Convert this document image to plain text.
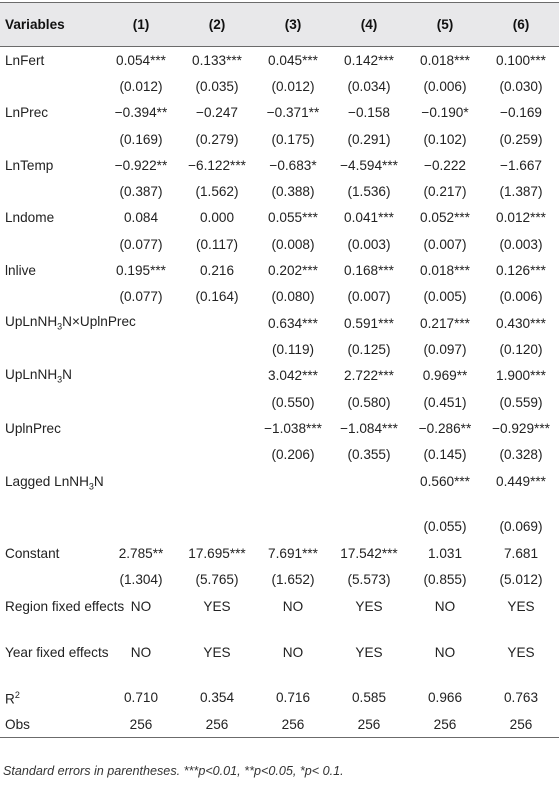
Variables	(1)	(2)	(3)	(4)	(5)	(6)
LnFert	0.054***	0.133***	0.045***	0.142***	0.018***	0.100***
	(0.012)	(0.035)	(0.012)	(0.034)	(0.006)	(0.030)
LnPrec	−0.394**	−0.247	−0.371**	−0.158	−0.190*	−0.169
	(0.169)	(0.279)	(0.175)	(0.291)	(0.102)	(0.259)
LnTemp	−0.922**	−6.122***	−0.683*	−4.594***	−0.222	−1.667
	(0.387)	(1.562)	(0.388)	(1.536)	(0.217)	(1.387)
Lndome	0.084	0.000	0.055***	0.041***	0.052***	0.012***
	(0.077)	(0.117)	(0.008)	(0.003)	(0.007)	(0.003)
lnlive	0.195***	0.216	0.202***	0.168***	0.018***	0.126***
	(0.077)	(0.164)	(0.080)	(0.007)	(0.005)	(0.006)
UpLnNH$_3$N×UplnPrec			0.634***	0.591***	0.217***	0.430***
			(0.119)	(0.125)	(0.097)	(0.120)
UpLnNH$_3$N			3.042***	2.722***	0.969**	1.900***
			(0.550)	(0.580)	(0.451)	(0.559)
UplnPrec			−1.038***	−1.084***	−0.286**	−0.929***
			(0.206)	(0.355)	(0.145)	(0.328)
Lagged LnNH$_3$N					0.560***	0.449***
					(0.055)	(0.069)
Constant	2.785**	17.695***	7.691***	17.542***	1.031	7.681
	(1.304)	(5.765)	(1.652)	(5.573)	(0.855)	(5.012)
Region fixed effects	NO	YES	NO	YES	NO	YES
Year fixed effects	NO	YES	NO	YES	NO	YES
$R^2$	0.710	0.354	0.716	0.585	0.966	0.763
Obs	256	256	256	256	256	256
Standard errors in parentheses. ***p<0.01, **p<0.05, *p< 0.1.
